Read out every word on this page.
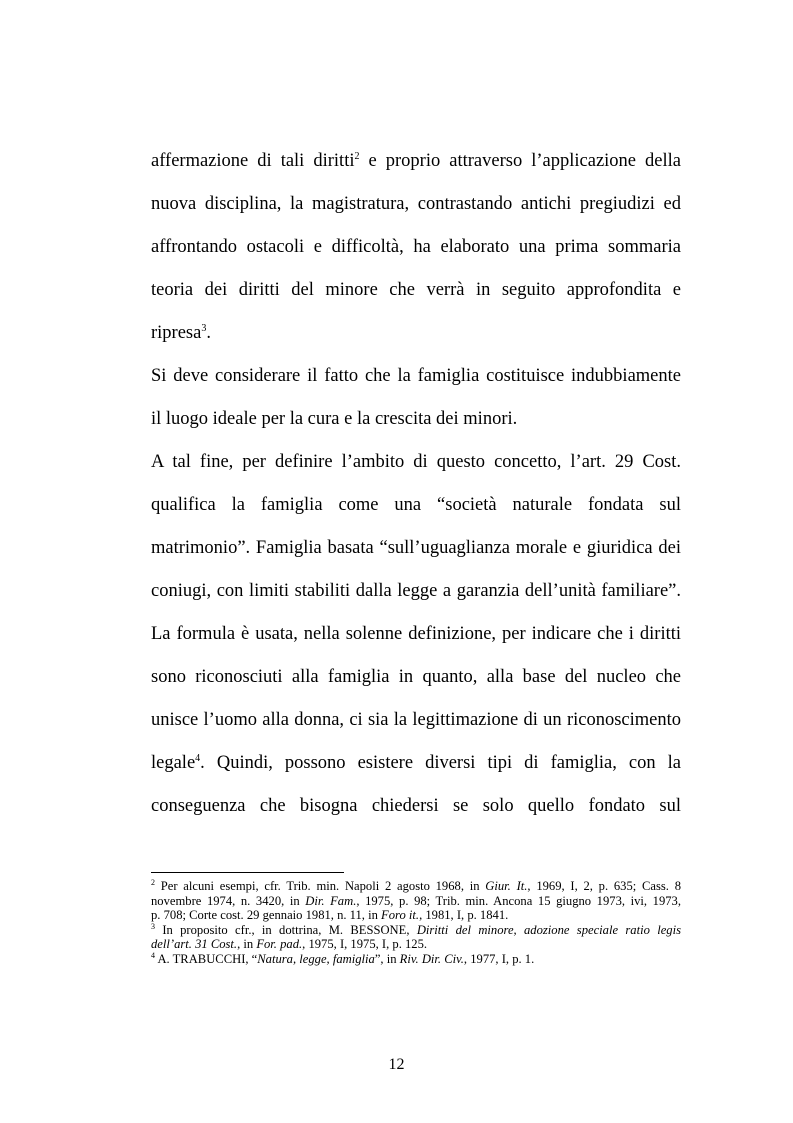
affermazione di tali diritti$^2$ e proprio attraverso l’applicazione della
nuova disciplina, la magistratura, contrastando antichi pregiudizi ed
affrontando ostacoli e difficoltà, ha elaborato una prima sommaria
teoria dei diritti del minore che verrà in seguito approfondita e
ripresa$^3$.
Si deve considerare il fatto che la famiglia costituisce indubbiamente
il luogo ideale per la cura e la crescita dei minori.
A tal fine, per definire l’ambito di questo concetto, l’art. 29 Cost.
qualifica la famiglia come una “società naturale fondata sul
matrimonio”. Famiglia basata “sull’uguaglianza morale e giuridica dei
coniugi, con limiti stabiliti dalla legge a garanzia dell’unità familiare”.
La formula è usata, nella solenne definizione, per indicare che i diritti
sono riconosciuti alla famiglia in quanto, alla base del nucleo che
unisce l’uomo alla donna, ci sia la legittimazione di un riconoscimento
legale$^4$. Quindi, possono esistere diversi tipi di famiglia, con la
conseguenza che bisogna chiedersi se solo quello fondato sul
$^2$ Per alcuni esempi, cfr. Trib. min. Napoli 2 agosto 1968, in Giur. It., 1969, I, 2, p. 635; Cass. 8
novembre 1974, n. 3420, in Dir. Fam., 1975, p. 98; Trib. min. Ancona 15 giugno 1973, ivi, 1973,
p. 708; Corte cost. 29 gennaio 1981, n. 11, in Foro it., 1981, I, p. 1841.
$^3$ In proposito cfr., in dottrina, M. BESSONE, Diritti del minore, adozione speciale ratio legis
dell’art. 31 Cost., in For. pad., 1975, I, 1975, I, p. 125.
$^4$ A. TRABUCCHI, “Natura, legge, famiglia”, in Riv. Dir. Civ., 1977, I, p. 1.
12
